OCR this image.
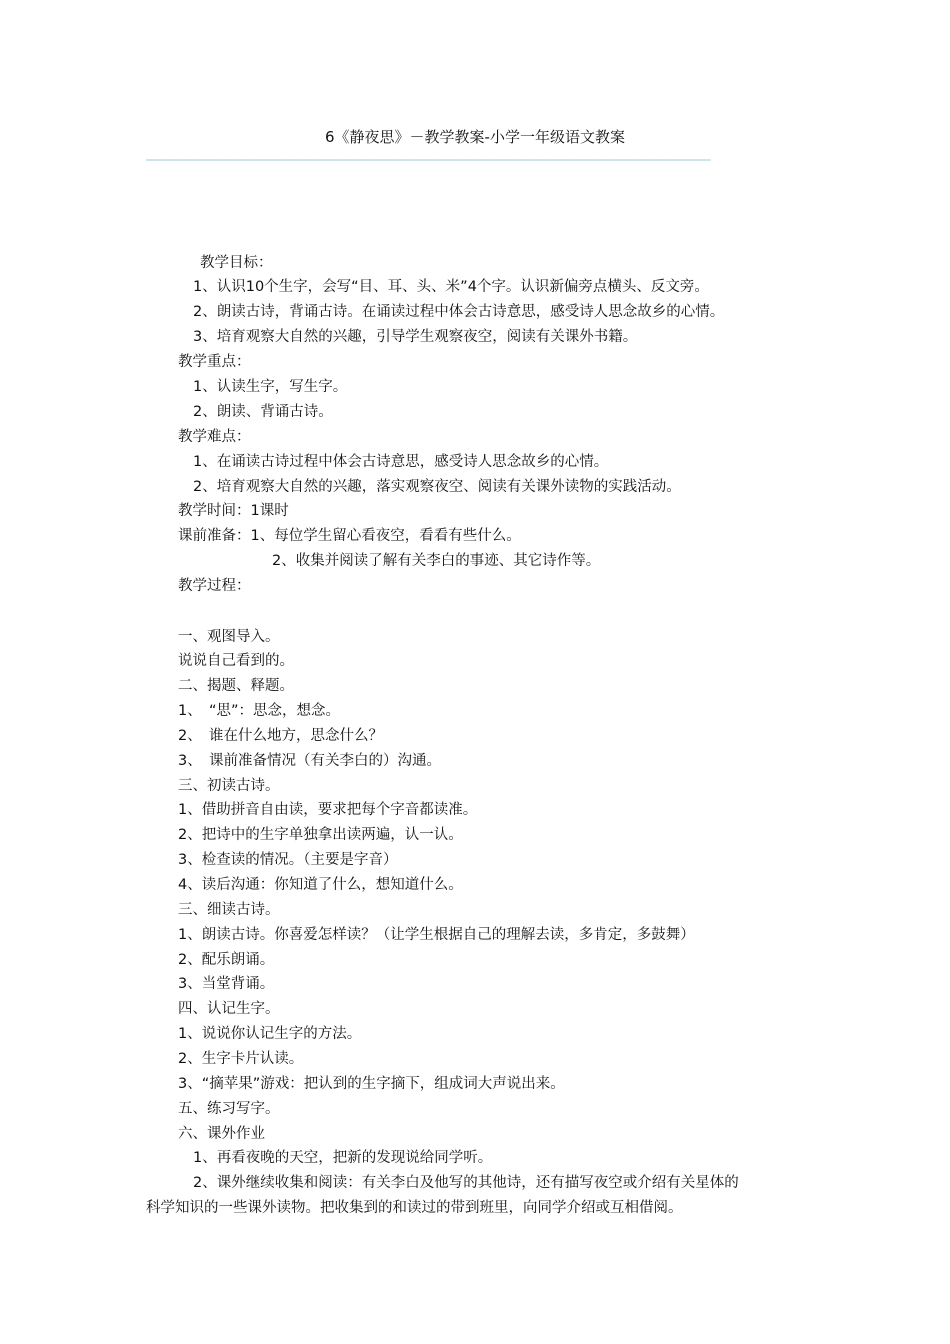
6《静夜思》－教学教案-小学一年级语文教案
———————————————————————————————————————————————————————————————————
教学目标：
1、认识10个生字，会写“目、耳、头、米”4个字。认识新偏旁点横头、反文旁。
2、朗读古诗，背诵古诗。在诵读过程中体会古诗意思，感受诗人思念故乡的心情。
3、培育观察大自然的兴趣，引导学生观察夜空，阅读有关课外书籍。
教学重点：
1、认读生字，写生字。
2、朗读、背诵古诗。
教学难点：
1、在诵读古诗过程中体会古诗意思，感受诗人思念故乡的心情。
2、培育观察大自然的兴趣，落实观察夜空、阅读有关课外读物的实践活动。
教学时间：1课时
课前准备：1、每位学生留心看夜空，看看有些什么。
2、收集并阅读了解有关李白的事迹、其它诗作等。
教学过程：
一、观图导入。
说说自己看到的。
二、揭题、释题。
1、　“思”：思念，想念。
2、　谁在什么地方，思念什么？
3、　课前准备情况（有关李白的）沟通。
三、初读古诗。
1、借助拼音自由读，要求把每个字音都读准。
2、把诗中的生字单独拿出读两遍，认一认。
3、检查读的情况。（主要是字音）
4、读后沟通：你知道了什么，想知道什么。
三、细读古诗。
1、朗读古诗。你喜爱怎样读？（让学生根据自己的理解去读，多肯定，多鼓舞）
2、配乐朗诵。
3、当堂背诵。
四、认记生字。
1、说说你认记生字的方法。
2、生字卡片认读。
3、“摘苹果”游戏：把认到的生字摘下，组成词大声说出来。
五、练习写字。
六、课外作业
1、再看夜晚的天空，把新的发现说给同学听。
2、课外继续收集和阅读：有关李白及他写的其他诗，还有描写夜空或介绍有关星体的
科学知识的一些课外读物。把收集到的和读过的带到班里，向同学介绍或互相借阅。
